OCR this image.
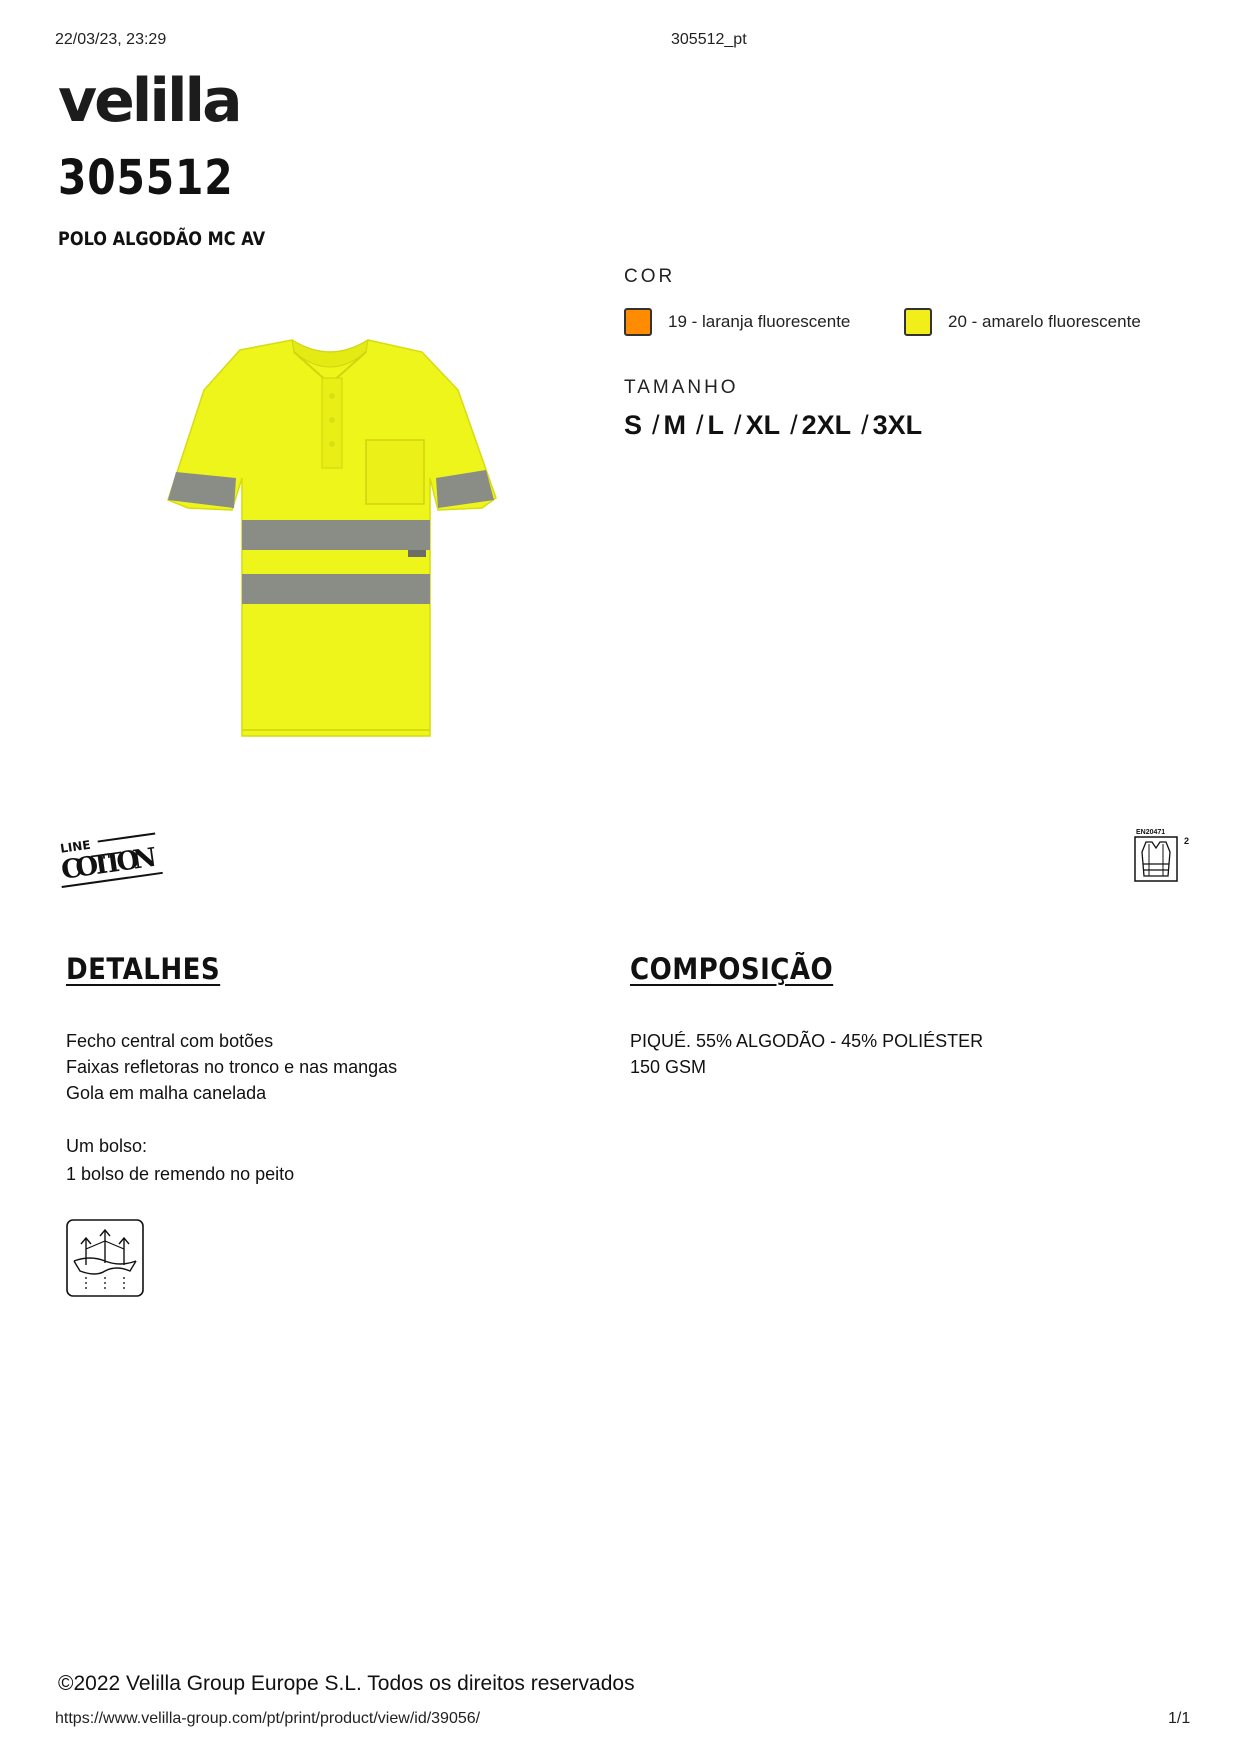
22/03/23, 23:29	305512_pt
velilla
305512
POLO ALGODÃO MC AV
COR
19 - laranja fluorescente	20 - amarelo fluorescente
TAMANHO
S / M / L / XL / 2XL / 3XL
LINE
COTTON
EN20471
2
DETALHES
Fecho central com botões
Faixas refletoras no tronco e nas mangas
Gola em malha canelada
Um bolso:
1 bolso de remendo no peito
COMPOSIÇÃO
PIQUÉ. 55% ALGODÃO - 45% POLIÉSTER
150 GSM
©2022 Velilla Group Europe S.L. Todos os direitos reservados
https://www.velilla-group.com/pt/print/product/view/id/39056/	1/1
